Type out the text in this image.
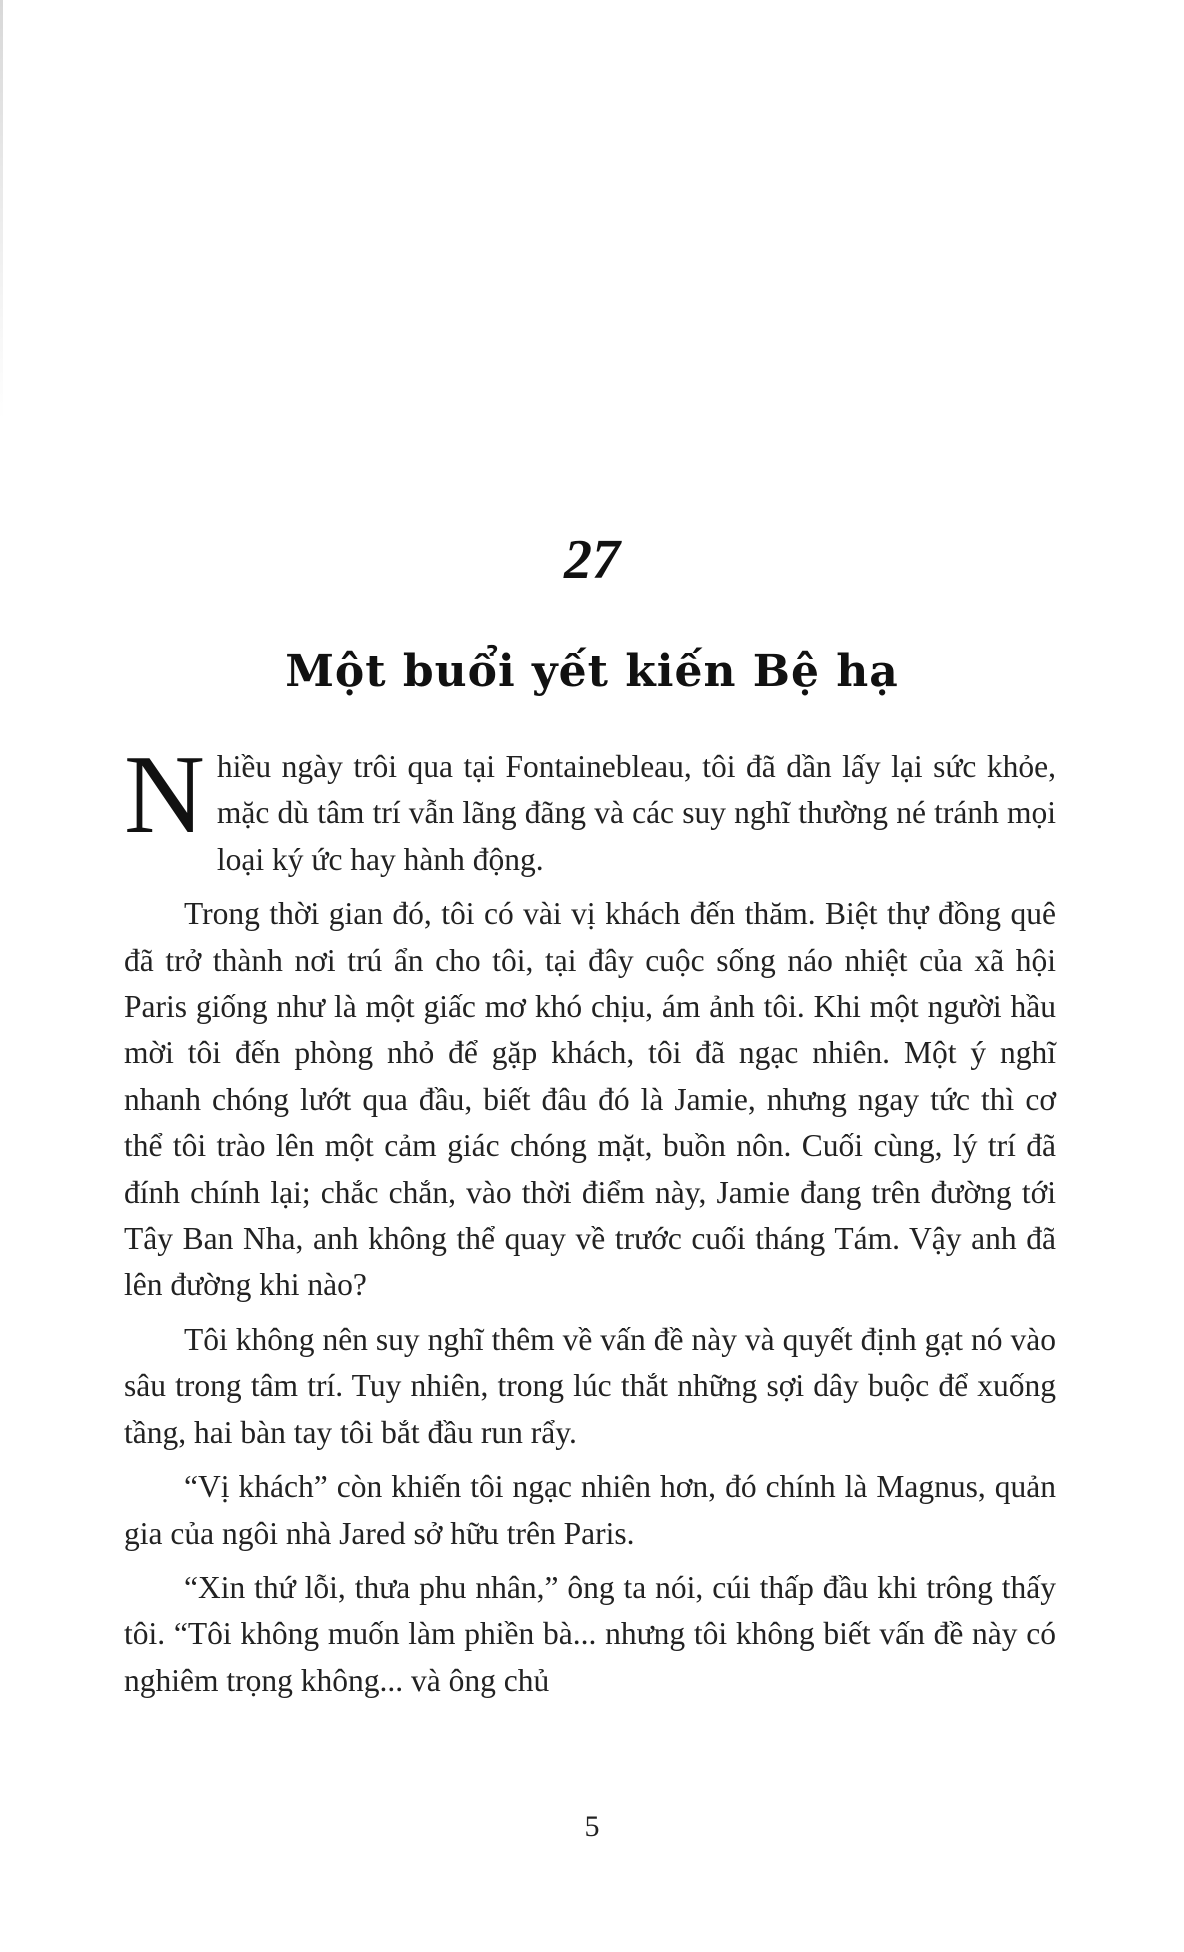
27
Một buổi yết kiến Bệ hạ

Nhiều ngày trôi qua tại Fontainebleau, tôi đã dần lấy lại sức khỏe, mặc dù tâm trí vẫn lãng đãng và các suy nghĩ thường né tránh mọi loại ký ức hay hành động.

Trong thời gian đó, tôi có vài vị khách đến thăm. Biệt thự đồng quê đã trở thành nơi trú ẩn cho tôi, tại đây cuộc sống náo nhiệt của xã hội Paris giống như là một giấc mơ khó chịu, ám ảnh tôi. Khi một người hầu mời tôi đến phòng nhỏ để gặp khách, tôi đã ngạc nhiên. Một ý nghĩ nhanh chóng lướt qua đầu, biết đâu đó là Jamie, nhưng ngay tức thì cơ thể tôi trào lên một cảm giác chóng mặt, buồn nôn. Cuối cùng, lý trí đã đính chính lại; chắc chắn, vào thời điểm này, Jamie đang trên đường tới Tây Ban Nha, anh không thể quay về trước cuối tháng Tám. Vậy anh đã lên đường khi nào?

Tôi không nên suy nghĩ thêm về vấn đề này và quyết định gạt nó vào sâu trong tâm trí. Tuy nhiên, trong lúc thắt những sợi dây buộc để xuống tầng, hai bàn tay tôi bắt đầu run rẩy.

“Vị khách” còn khiến tôi ngạc nhiên hơn, đó chính là Magnus, quản gia của ngôi nhà Jared sở hữu trên Paris.

“Xin thứ lỗi, thưa phu nhân,” ông ta nói, cúi thấp đầu khi trông thấy tôi. “Tôi không muốn làm phiền bà... nhưng tôi không biết vấn đề này có nghiêm trọng không... và ông chủ

5
